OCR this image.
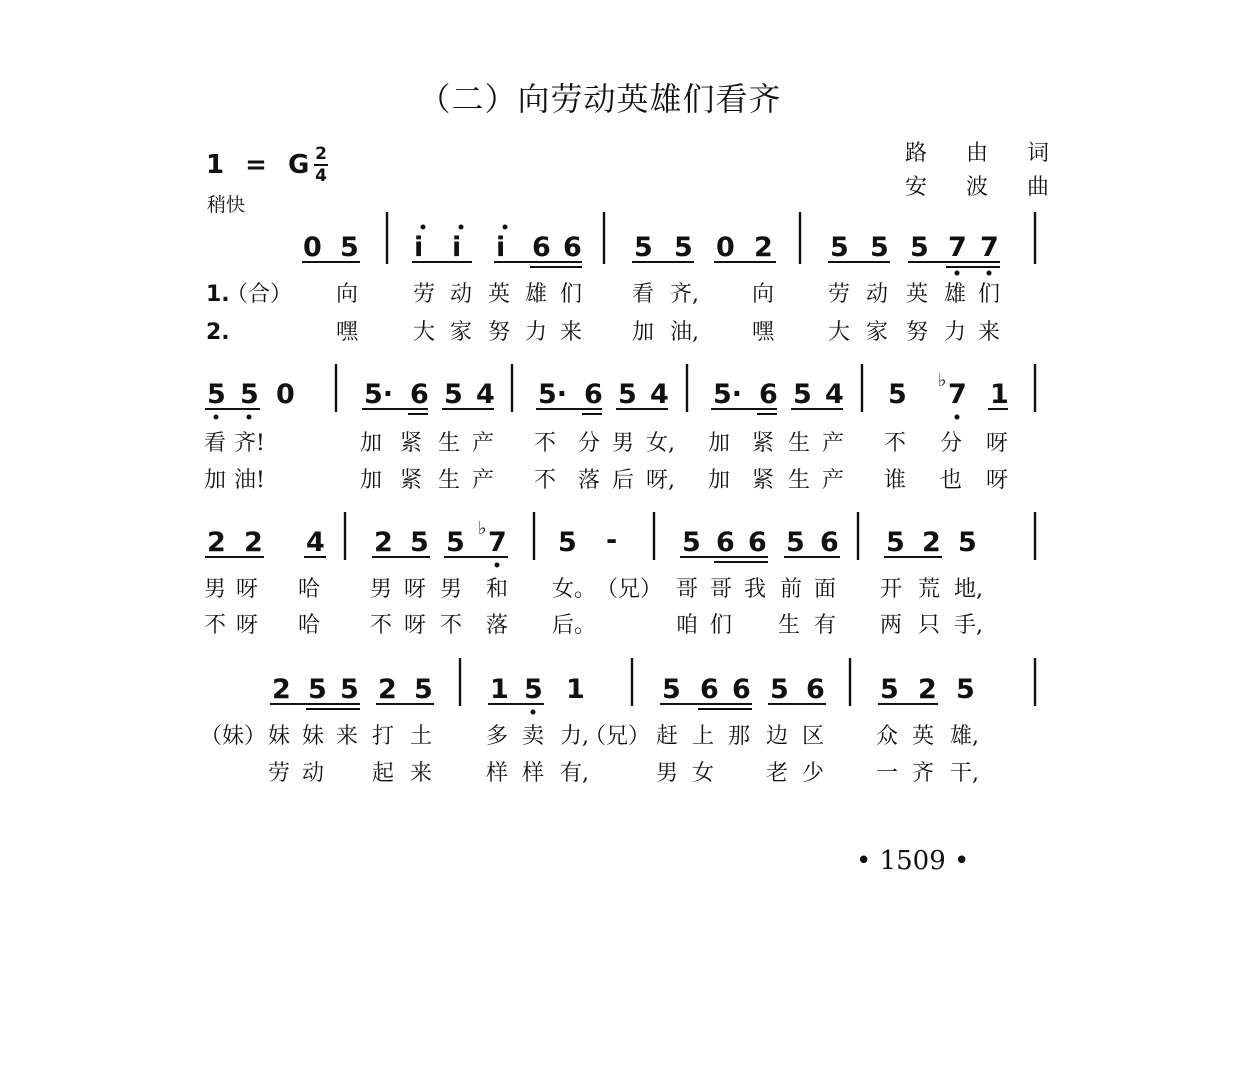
（二）向劳动英雄们看齐
1 = G 2
4
稍快
路 由 词
安 波 曲
0 5 i i i 6 6 5 5 0 2 5 5 5 7 7
1.
（合） 向 劳 动 英 雄 们 看 齐, 向 劳 动 英 雄 们
2.	嘿 大 家 努 力 来 加 油, 嘿 大 家 努 力 来
5 5 0	5· 6 5 4 5· 6 5 4 5· 6 5 4 5 ♭ 7 1
看 齐!	加 紧 生 产 不 分 男 女, 加 紧 生 产 不 分 呀
加 油!	加 紧 生 产 不 落 后 呀, 加 紧 生 产 谁 也 呀
2 2 4 2 5 5 ♭ 7 5 - 5 6 6 5 6 5 2 5
男 呀 哈 男 呀 男 和 女。 （兄） 哥 哥 我 前 面 开 荒 地,
不 呀 哈 不 呀 不 落 后。	咱 们 生 有 两 只 手,
2 5 5 2 5 1 5 1	5 6 6 5 6 5 2 5
（妹） 妹 妹 来 打 土 多 卖 力,
（兄） 赶 上 那 边 区 众 英 雄,
劳 动 起 来 样 样 有,	男 女 老 少 一 齐 干,
• 1509 •
